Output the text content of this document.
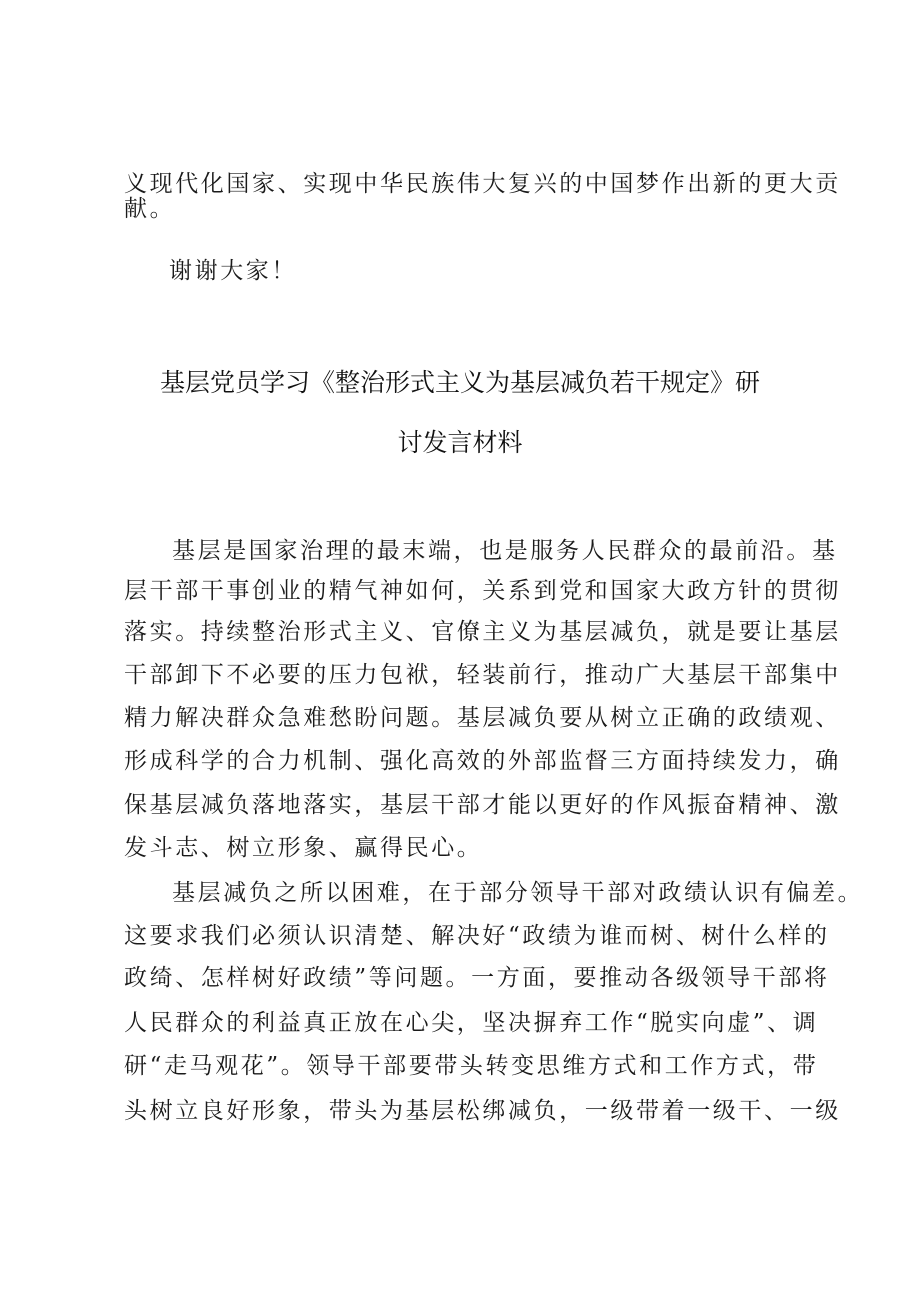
义现代化国家、实现中华民族伟大复兴的中国梦作出新的更大贡
献。
谢谢大家！
基层党员学习《整治形式主义为基层减负若干规定》研
讨发言材料
基层是国家治理的最末端，也是服务人民群众的最前沿。基
层干部干事创业的精气神如何，关系到党和国家大政方针的贯彻
落实。持续整治形式主义、官僚主义为基层减负，就是要让基层
干部卸下不必要的压力包袱，轻装前行，推动广大基层干部集中
精力解决群众急难愁盼问题。基层减负要从树立正确的政绩观、
形成科学的合力机制、强化高效的外部监督三方面持续发力，确
保基层减负落地落实，基层干部才能以更好的作风振奋精神、激
发斗志、树立形象、赢得民心。
基层减负之所以困难，在于部分领导干部对政绩认识有偏差。
这要求我们必须认识清楚、解决好“政绩为谁而树、树什么样的
政绮、怎样树好政绩”等问题。一方面，要推动各级领导干部将
人民群众的利益真正放在心尖，坚决摒弃工作“脱实向虚”、调
研“走马观花”。领导干部要带头转变思维方式和工作方式，带
头树立良好形象，带头为基层松绑减负，一级带着一级干、一级
